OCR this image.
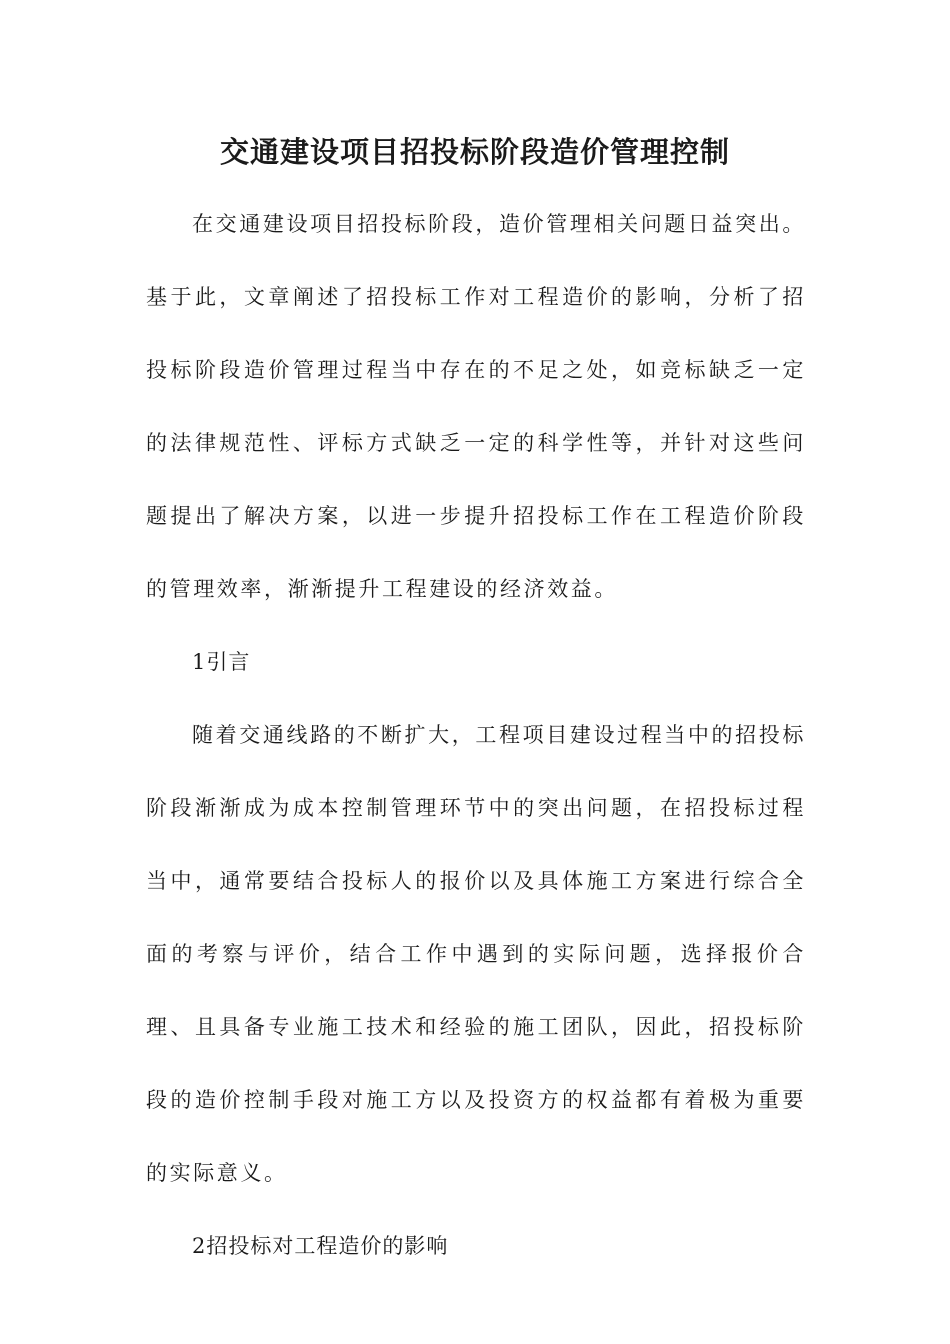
交通建设项目招投标阶段造价管理控制

在交通建设项目招投标阶段，造价管理相关问题日益突出。基于此，文章阐述了招投标工作对工程造价的影响，分析了招投标阶段造价管理过程当中存在的不足之处，如竞标缺乏一定的法律规范性、评标方式缺乏一定的科学性等，并针对这些问题提出了解决方案，以进一步提升招投标工作在工程造价阶段的管理效率，渐渐提升工程建设的经济效益。

1引言

随着交通线路的不断扩大，工程项目建设过程当中的招投标阶段渐渐成为成本控制管理环节中的突出问题，在招投标过程当中，通常要结合投标人的报价以及具体施工方案进行综合全面的考察与评价，结合工作中遇到的实际问题，选择报价合理、且具备专业施工技术和经验的施工团队，因此，招投标阶段的造价控制手段对施工方以及投资方的权益都有着极为重要的实际意义。

2招投标对工程造价的影响
